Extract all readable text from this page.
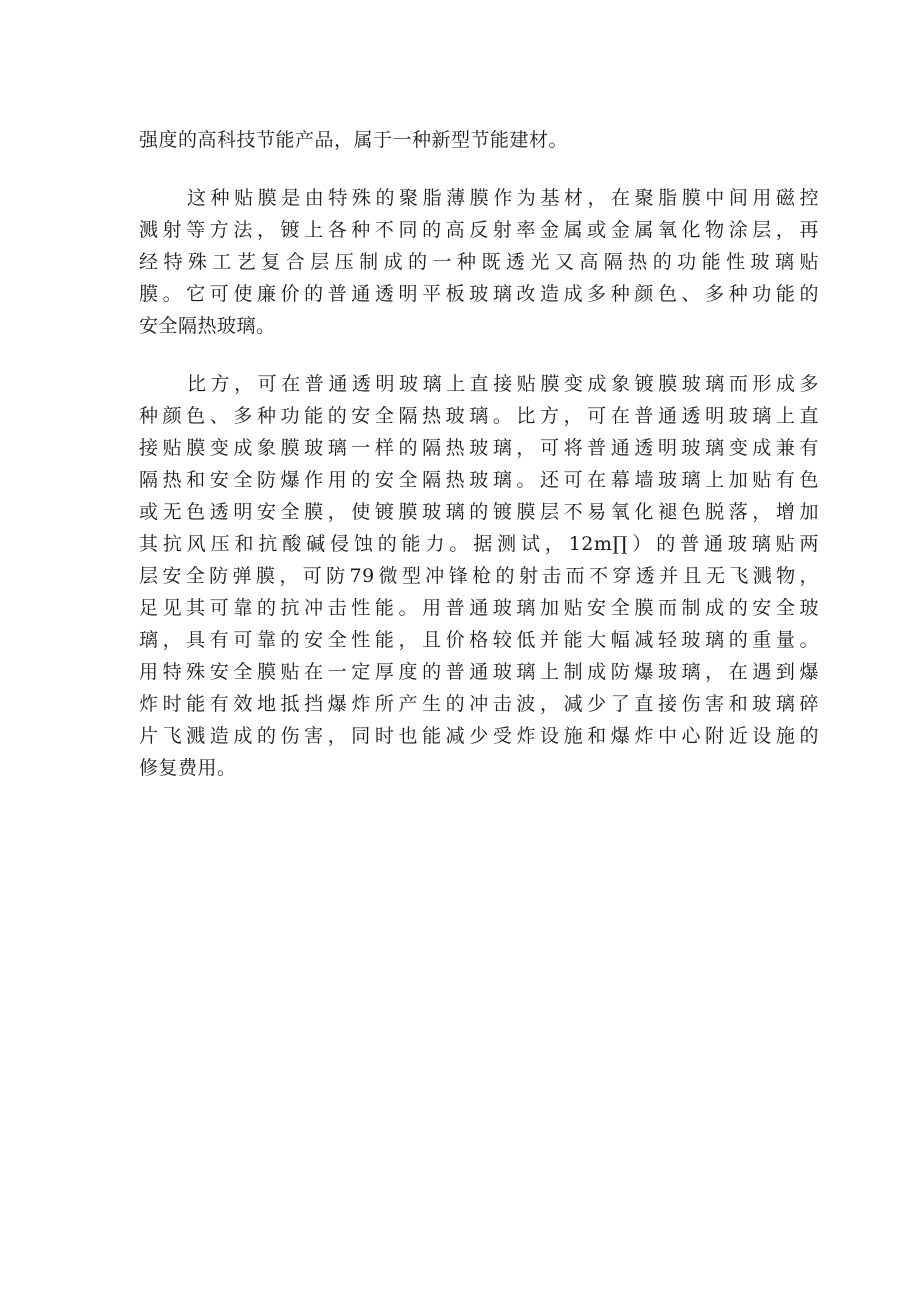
强度的高科技节能产品，属于一种新型节能建材。
这种贴膜是由特殊的聚脂薄膜作为基材，在聚脂膜中间用磁控
溅射等方法，镀上各种不同的高反射率金属或金属氧化物涂层，再
经特殊工艺复合层压制成的一种既透光又高隔热的功能性玻璃贴
膜。它可使廉价的普通透明平板玻璃改造成多种颜色、多种功能的
安全隔热玻璃。
比方，可在普通透明玻璃上直接贴膜变成象镀膜玻璃而形成多
种颜色、多种功能的安全隔热玻璃。比方，可在普通透明玻璃上直
接贴膜变成象膜玻璃一样的隔热玻璃，可将普通透明玻璃变成兼有
隔热和安全防爆作用的安全隔热玻璃。还可在幕墙玻璃上加贴有色
或无色透明安全膜，使镀膜玻璃的镀膜层不易氧化褪色脱落，增加
其抗风压和抗酸碱侵蚀的能力。据测试，12m∏）的普通玻璃贴两
层安全防弹膜，可防79微型冲锋枪的射击而不穿透并且无飞溅物，
足见其可靠的抗冲击性能。用普通玻璃加贴安全膜而制成的安全玻
璃，具有可靠的安全性能，且价格较低并能大幅减轻玻璃的重量。
用特殊安全膜贴在一定厚度的普通玻璃上制成防爆玻璃，在遇到爆
炸时能有效地抵挡爆炸所产生的冲击波，减少了直接伤害和玻璃碎
片飞溅造成的伤害，同时也能减少受炸设施和爆炸中心附近设施的
修复费用。
